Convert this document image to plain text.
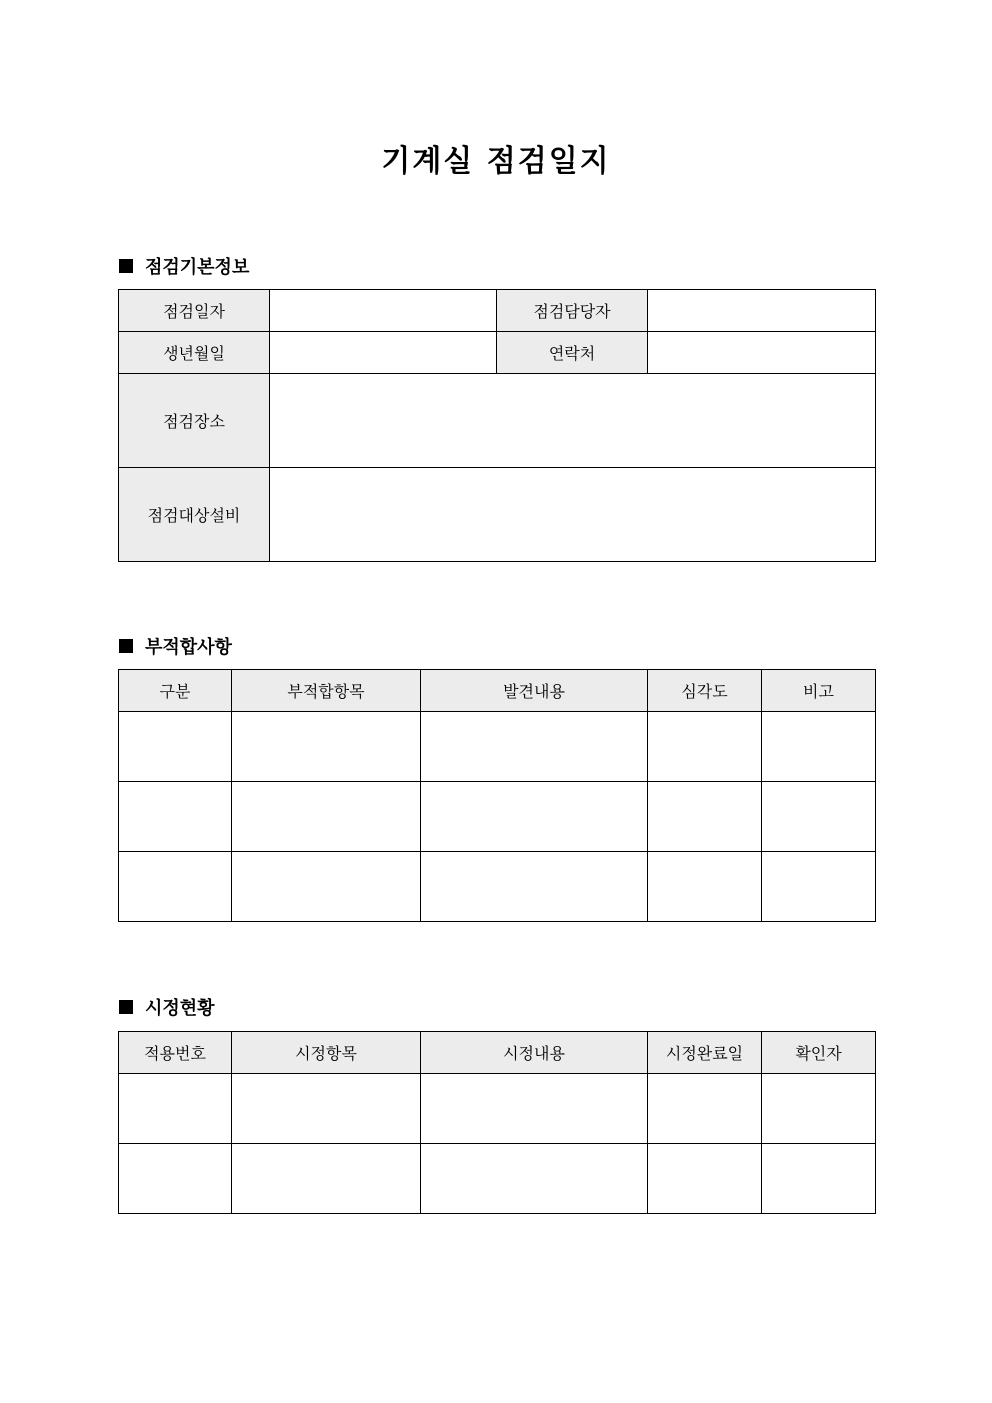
기계실 점검일지
점검기본정보
점검일자		점검담당자	
생년월일		연락처	
점검장소			
점검대상설비			
부적합사항
구분	부적합항목	발견내용	심각도	비고

시정현황
적용번호	시정항목	시정내용	시정완료일	확인자
